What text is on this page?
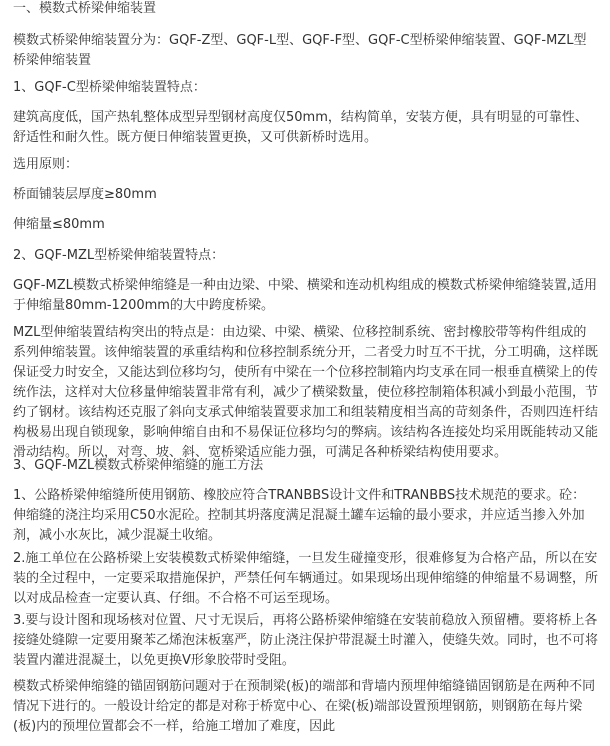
一、模数式桥梁伸缩装置

模数式桥梁伸缩装置分为：GQF-Z型、GQF-L型、GQF-F型、GQF-C型桥梁伸缩装置、GQF-MZL型桥梁伸缩装置

1、GQF-C型桥梁伸缩装置特点：

建筑高度低，国产热轧整体成型异型钢材高度仅50mm，结构简单，安装方便，具有明显的可靠性、舒适性和耐久性。既方便日伸缩装置更换，又可供新桥时选用。

选用原则：

桥面铺装层厚度≥80mm

伸缩量≤80mm

2、GQF-MZL型桥梁伸缩装置特点：

GQF-MZL模数式桥梁伸缩缝是一种由边梁、中梁、横梁和连动机构组成的模数式桥梁伸缩缝装置,适用于伸缩量80mm-1200mm的大中跨度桥梁。

MZL型伸缩装置结构突出的特点是：由边梁、中梁、横梁、位移控制系统、密封橡胶带等构件组成的系列伸缩装置。该伸缩装置的承重结构和位移控制系统分开，二者受力时互不干扰，分工明确，这样既保证受力时安全，又能达到位移均匀，使所有中梁在一个位移控制箱内均支承在同一根垂直横梁上的传统作法，这样对大位移量伸缩装置非常有利，减少了横梁数量，使位移控制箱体积减小到最小范围，节约了钢材。该结构还克服了斜向支承式伸缩装置要求加工和组装精度相当高的苛刻条件，否则四连杆结构极易出现自锁现象，影响伸缩自由和不易保证位移均匀的弊病。该结构各连接处均采用既能转动又能滑动结构。所以，对弯、坡、斜、宽桥梁适应能力强，可满足各种桥梁结构使用要求。

3、GQF-MZL模数式桥梁伸缩缝的施工方法

1、公路桥梁伸缩缝所使用钢筋、橡胶应符合TRANBBS设计文件和TRANBBS技术规范的要求。砼：伸缩缝的浇注均采用C50水泥砼。控制其坍落度满足混凝土罐车运输的最小要求，并应适当掺入外加剂，减小水灰比，减少混凝土收缩。

2.施工单位在公路桥梁上安装模数式桥梁伸缩缝，一旦发生碰撞变形，很难修复为合格产品，所以在安装的全过程中，一定要采取措施保护，严禁任何车辆通过。如果现场出现伸缩缝的伸缩量不易调整，所以对成品检查一定要认真、仔细。不合格不可运至现场。

3.要与设计图和现场核对位置、尺寸无误后，再将公路桥梁伸缩缝在安装前稳放入预留槽。要将桥上各接缝处缝隙一定要用聚苯乙烯泡沫板塞严，防止浇注保护带混凝土时灌入，使缝失效。同时，也不可将装置内灌进混凝土，以免更换V形象胶带时受阻。

模数式桥梁伸缩缝的锚固钢筋问题对于在预制梁(板)的端部和背墙内预埋伸缩缝锚固钢筋是在两种不同情况下进行的。一般设计给定的都是对称于桥宽中心、在梁(板)端部设置预埋钢筋，则钢筋在每片梁(板)内的预埋位置都会不一样，给施工增加了难度，因此
